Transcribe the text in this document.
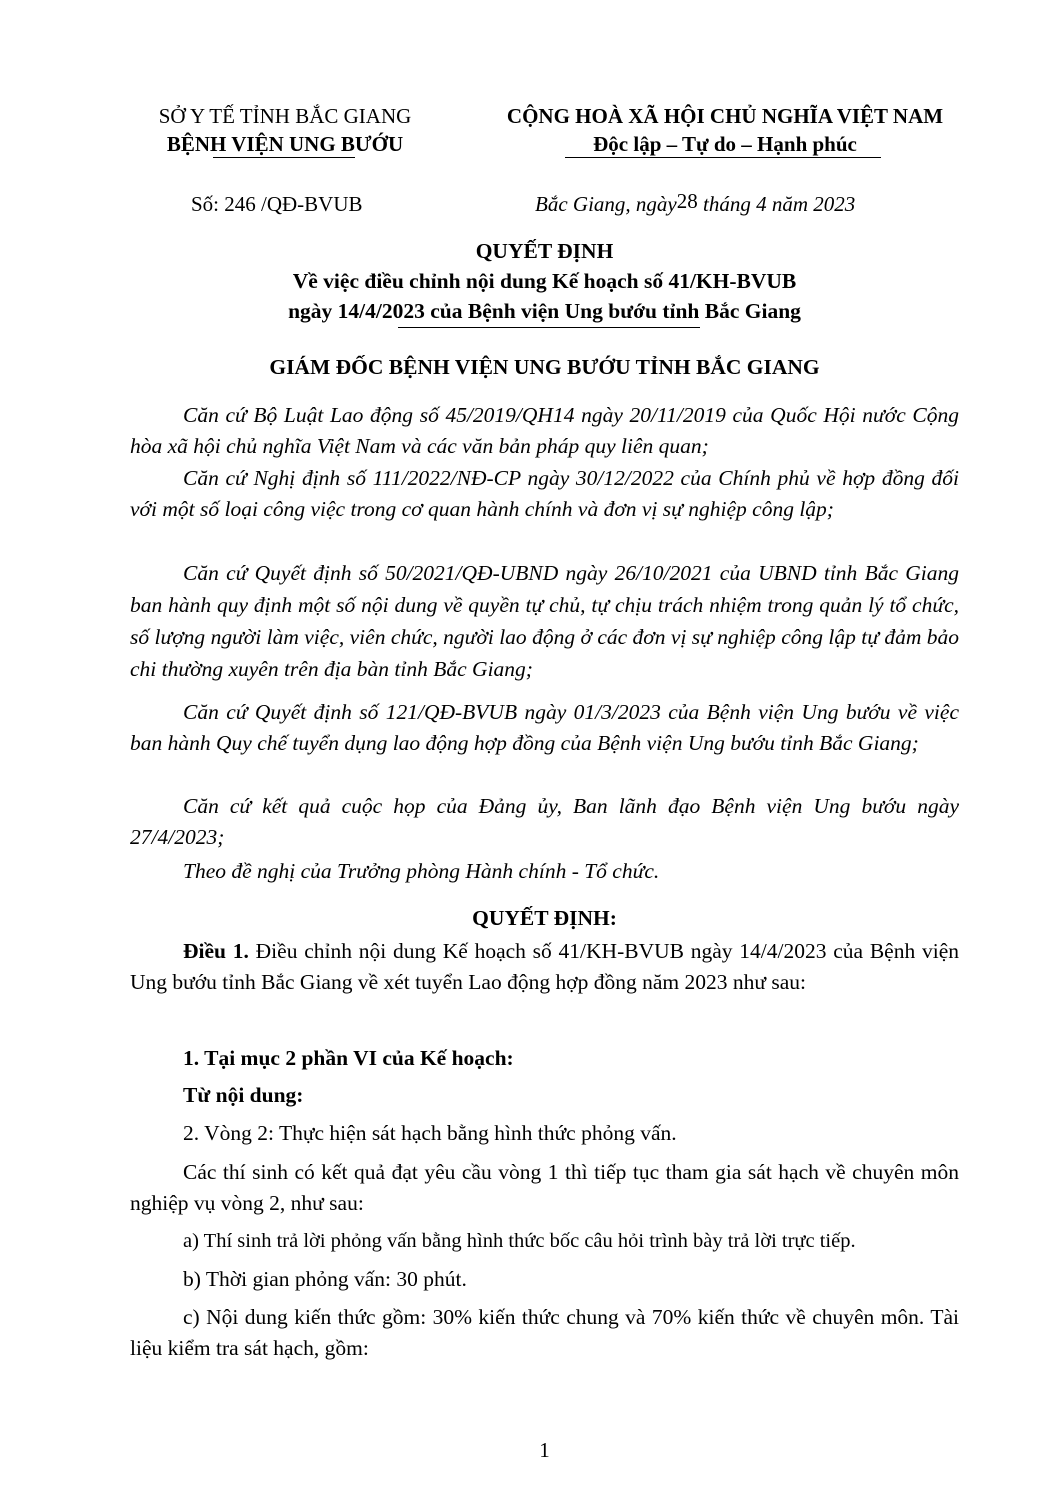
SỞ Y TẾ TỈNH BẮC GIANG
BỆNH VIỆN UNG BƯỚU
CỘNG HOÀ XÃ HỘI CHỦ NGHĨA VIỆT NAM
Độc lập – Tự do – Hạnh phúc
Số: 246 /QĐ-BVUB	Bắc Giang, ngày28 tháng 4 năm 2023
QUYẾT ĐỊNH
Về việc điều chỉnh nội dung Kế hoạch số 41/KH-BVUB
ngày 14/4/2023 của Bệnh viện Ung bướu tỉnh Bắc Giang
GIÁM ĐỐC BỆNH VIỆN UNG BƯỚU TỈNH BẮC GIANG

Căn cứ Bộ Luật Lao động số 45/2019/QH14 ngày 20/11/2019 của Quốc Hội nước Cộng hòa xã hội chủ nghĩa Việt Nam và các văn bản pháp quy liên quan;

Căn cứ Nghị định số 111/2022/NĐ-CP ngày 30/12/2022 của Chính phủ về hợp đồng đối với một số loại công việc trong cơ quan hành chính và đơn vị sự nghiệp công lập;

Căn cứ Quyết định số 50/2021/QĐ-UBND ngày 26/10/2021 của UBND tỉnh Bắc Giang ban hành quy định một số nội dung về quyền tự chủ, tự chịu trách nhiệm trong quản lý tổ chức, số lượng người làm việc, viên chức, người lao động ở các đơn vị sự nghiệp công lập tự đảm bảo chi thường xuyên trên địa bàn tỉnh Bắc Giang;

Căn cứ Quyết định số 121/QĐ-BVUB ngày 01/3/2023 của Bệnh viện Ung bướu về việc ban hành Quy chế tuyển dụng lao động hợp đồng của Bệnh viện Ung bướu tỉnh Bắc Giang;

Căn cứ kết quả cuộc họp của Đảng ủy, Ban lãnh đạo Bệnh viện Ung bướu ngày 27/4/2023;

Theo đề nghị của Trưởng phòng Hành chính - Tổ chức.

QUYẾT ĐỊNH:

Điều 1. Điều chỉnh nội dung Kế hoạch số 41/KH-BVUB ngày 14/4/2023 của Bệnh viện Ung bướu tỉnh Bắc Giang về xét tuyển Lao động hợp đồng năm 2023 như sau:

1. Tại mục 2 phần VI của Kế hoạch:

Từ nội dung:

2. Vòng 2: Thực hiện sát hạch bằng hình thức phỏng vấn.

Các thí sinh có kết quả đạt yêu cầu vòng 1 thì tiếp tục tham gia sát hạch về chuyên môn nghiệp vụ vòng 2, như sau:

a) Thí sinh trả lời phỏng vấn bằng hình thức bốc câu hỏi trình bày trả lời trực tiếp.

b) Thời gian phỏng vấn: 30 phút.

c) Nội dung kiến thức gồm: 30% kiến thức chung và 70% kiến thức về chuyên môn. Tài liệu kiểm tra sát hạch, gồm:

1
